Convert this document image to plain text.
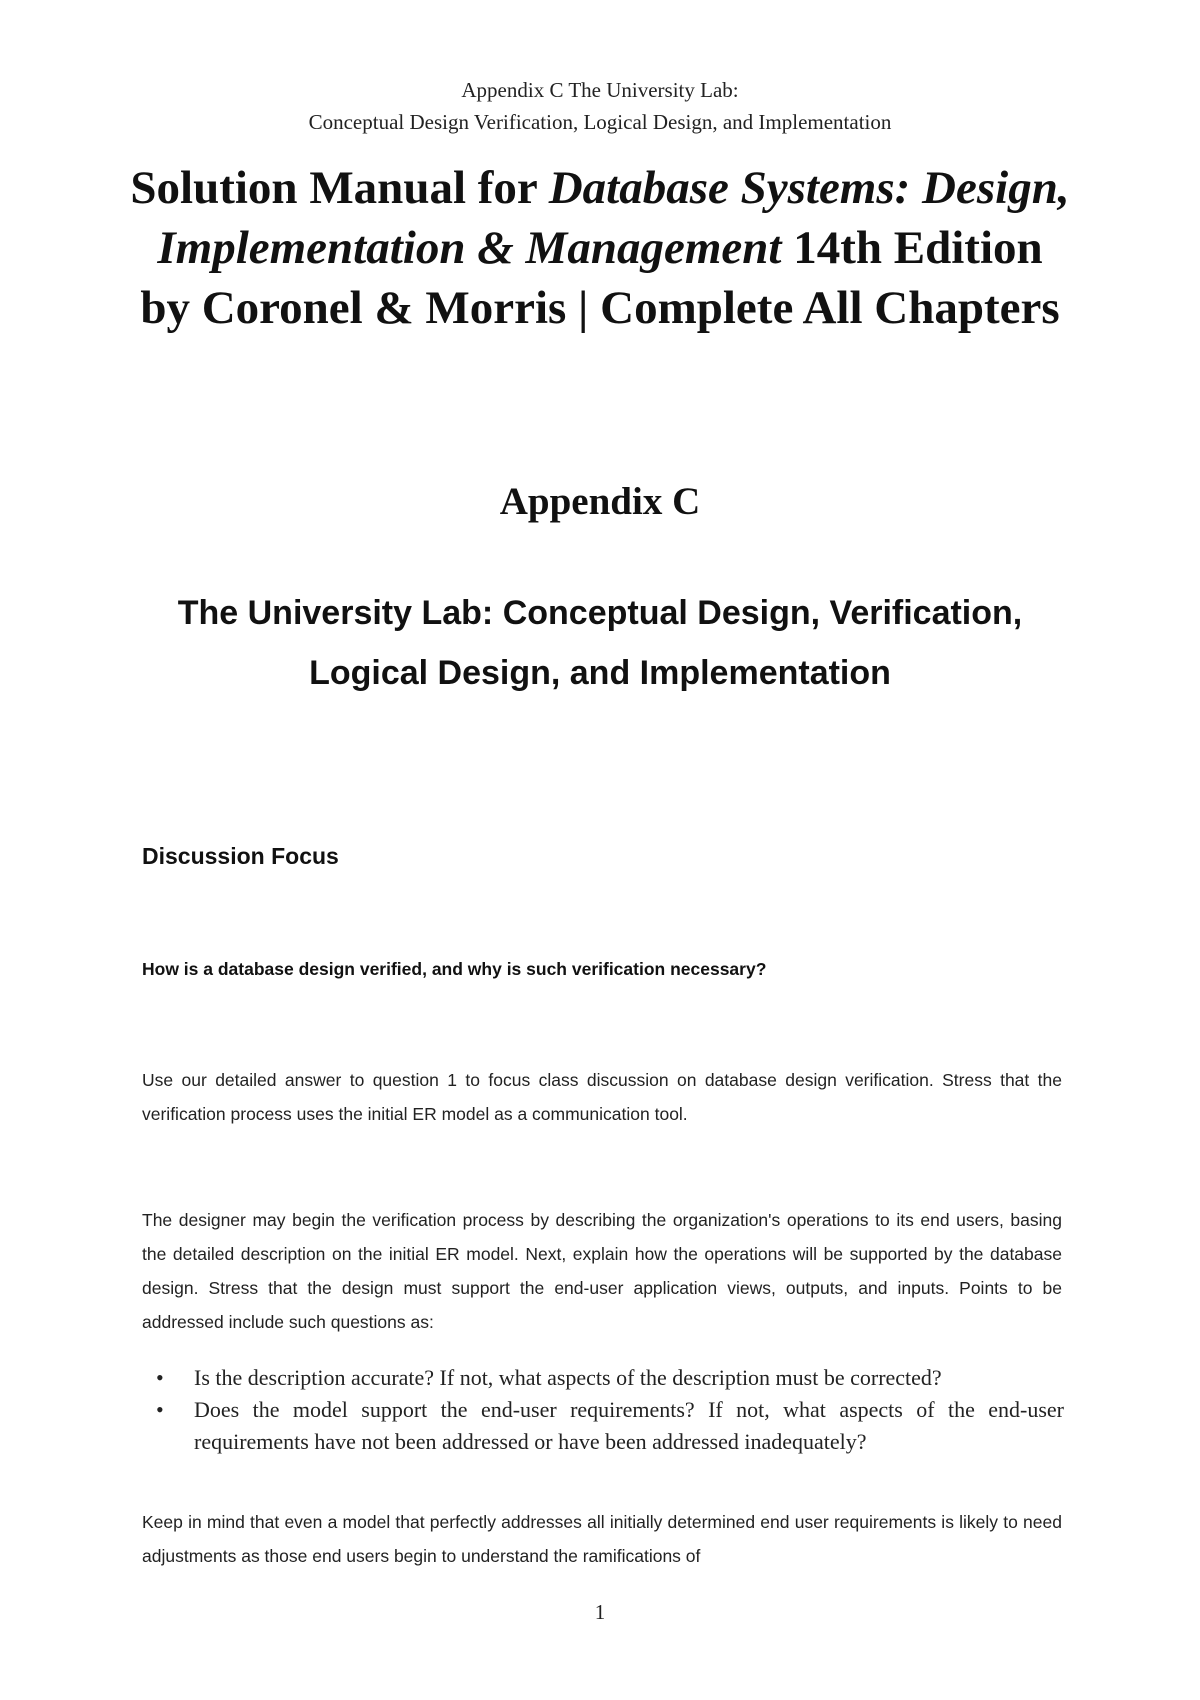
Appendix C The University Lab:
Conceptual Design Verification, Logical Design, and Implementation
Solution Manual for Database Systems: Design, Implementation & Management 14th Edition by Coronel & Morris | Complete All Chapters
Appendix C
The University Lab: Conceptual Design, Verification,
Logical Design, and Implementation
Discussion Focus

How is a database design verified, and why is such verification necessary?

Use our detailed answer to question 1 to focus class discussion on database design verification. Stress that the verification process uses the initial ER model as a communication tool.

The designer may begin the verification process by describing the organization's operations to its end users, basing the detailed description on the initial ER model. Next, explain how the operations will be supported by the database design. Stress that the design must support the end-user application views, outputs, and inputs. Points to be addressed include such questions as:

• Is the description accurate? If not, what aspects of the description must be corrected?
• Does the model support the end-user requirements? If not, what aspects of the end-user requirements have not been addressed or have been addressed inadequately?

Keep in mind that even a model that perfectly addresses all initially determined end user requirements is likely to need adjustments as those end users begin to understand the ramifications of

1
